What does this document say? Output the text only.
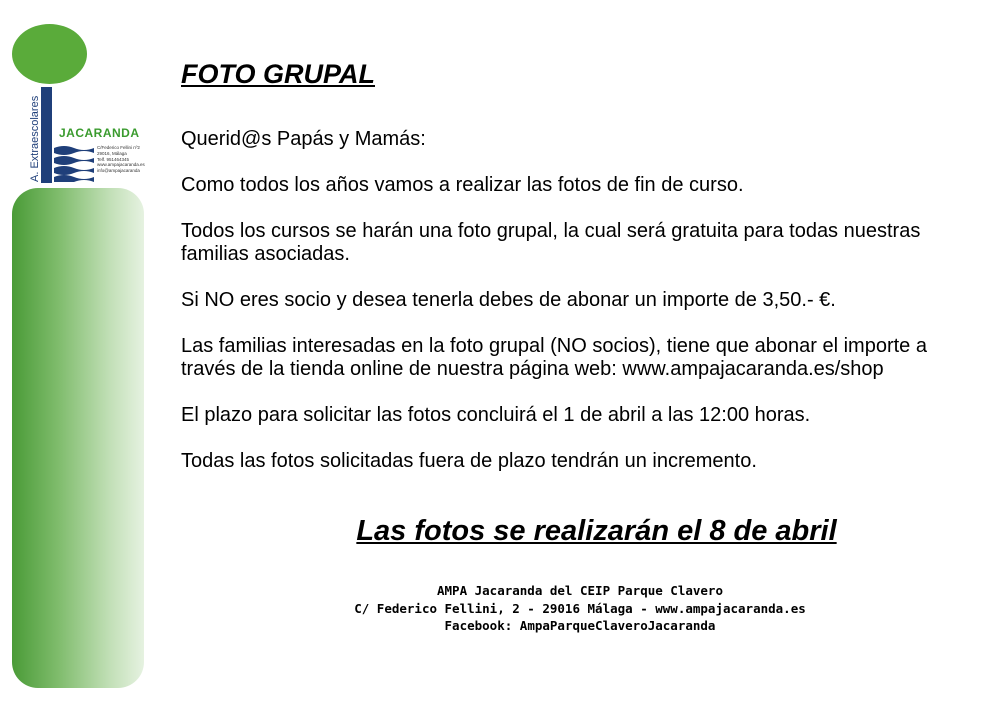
A. Extraescolares JACARANDA
C/Federico Fellini nº2
29016, Málaga
Telf. 951464345
www.ampajacaranda.es
info@ampajacaranda
FOTO GRUPAL

Querid@s Papás y Mamás:

Como todos los años vamos a realizar las fotos de fin de curso.

Todos los cursos se harán una foto grupal, la cual será gratuita para todas nuestras familias asociadas.

Si NO eres socio y desea tenerla debes de abonar un importe de 3,50.- €.

Las familias interesadas en la foto grupal (NO socios), tiene que abonar el importe a través de la tienda online de nuestra página web: www.ampajacaranda.es/shop

El plazo para solicitar las fotos concluirá el 1 de abril a las 12:00 horas.

Todas las fotos solicitadas fuera de plazo tendrán un incremento.

Las fotos se realizarán el 8 de abril
AMPA Jacaranda del CEIP Parque Clavero
C/ Federico Fellini, 2 - 29016 Málaga - www.ampajacaranda.es
Facebook: AmpaParqueClaveroJacaranda
